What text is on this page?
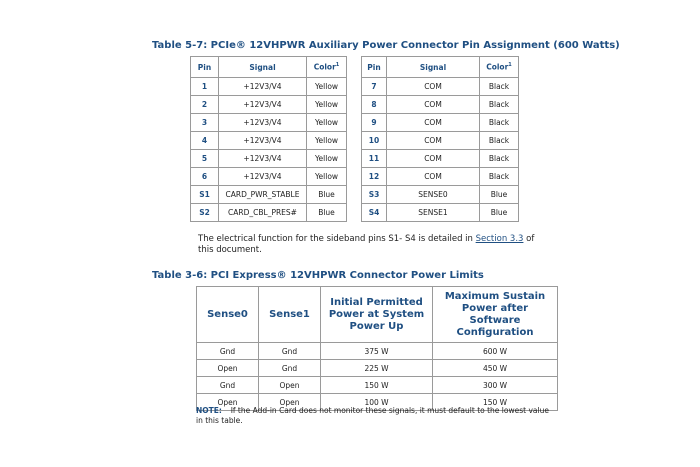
Table 5-7: PCIe® 12VHPWR Auxiliary Power Connector Pin Assignment (600 Watts)
Pin	Signal	Color$^1$
1	+12V3/V4	Yellow
2	+12V3/V4	Yellow
3	+12V3/V4	Yellow
4	+12V3/V4	Yellow
5	+12V3/V4	Yellow
6	+12V3/V4	Yellow
S1	CARD_PWR_STABLE	Blue
S2	CARD_CBL_PRES#	Blue
Pin	Signal	Color$^1$
7	COM	Black
8	COM	Black
9	COM	Black
10	COM	Black
11	COM	Black
12	COM	Black
S3	SENSE0	Blue
S4	SENSE1	Blue
The electrical function for the sideband pins S1- S4 is detailed in Section 3.3 of this document.
Table 3-6: PCI Express® 12VHPWR Connector Power Limits
Sense0	Sense1	Initial Permitted Power at System Power Up	Maximum Sustain Power after Software Configuration
Gnd	Gnd	375 W	600 W
Open	Gnd	225 W	450 W
Gnd	Open	150 W	300 W
Open	Open	100 W	150 W
NOTE: If the Add-in Card does not monitor these signals, it must default to the lowest value in this table.
